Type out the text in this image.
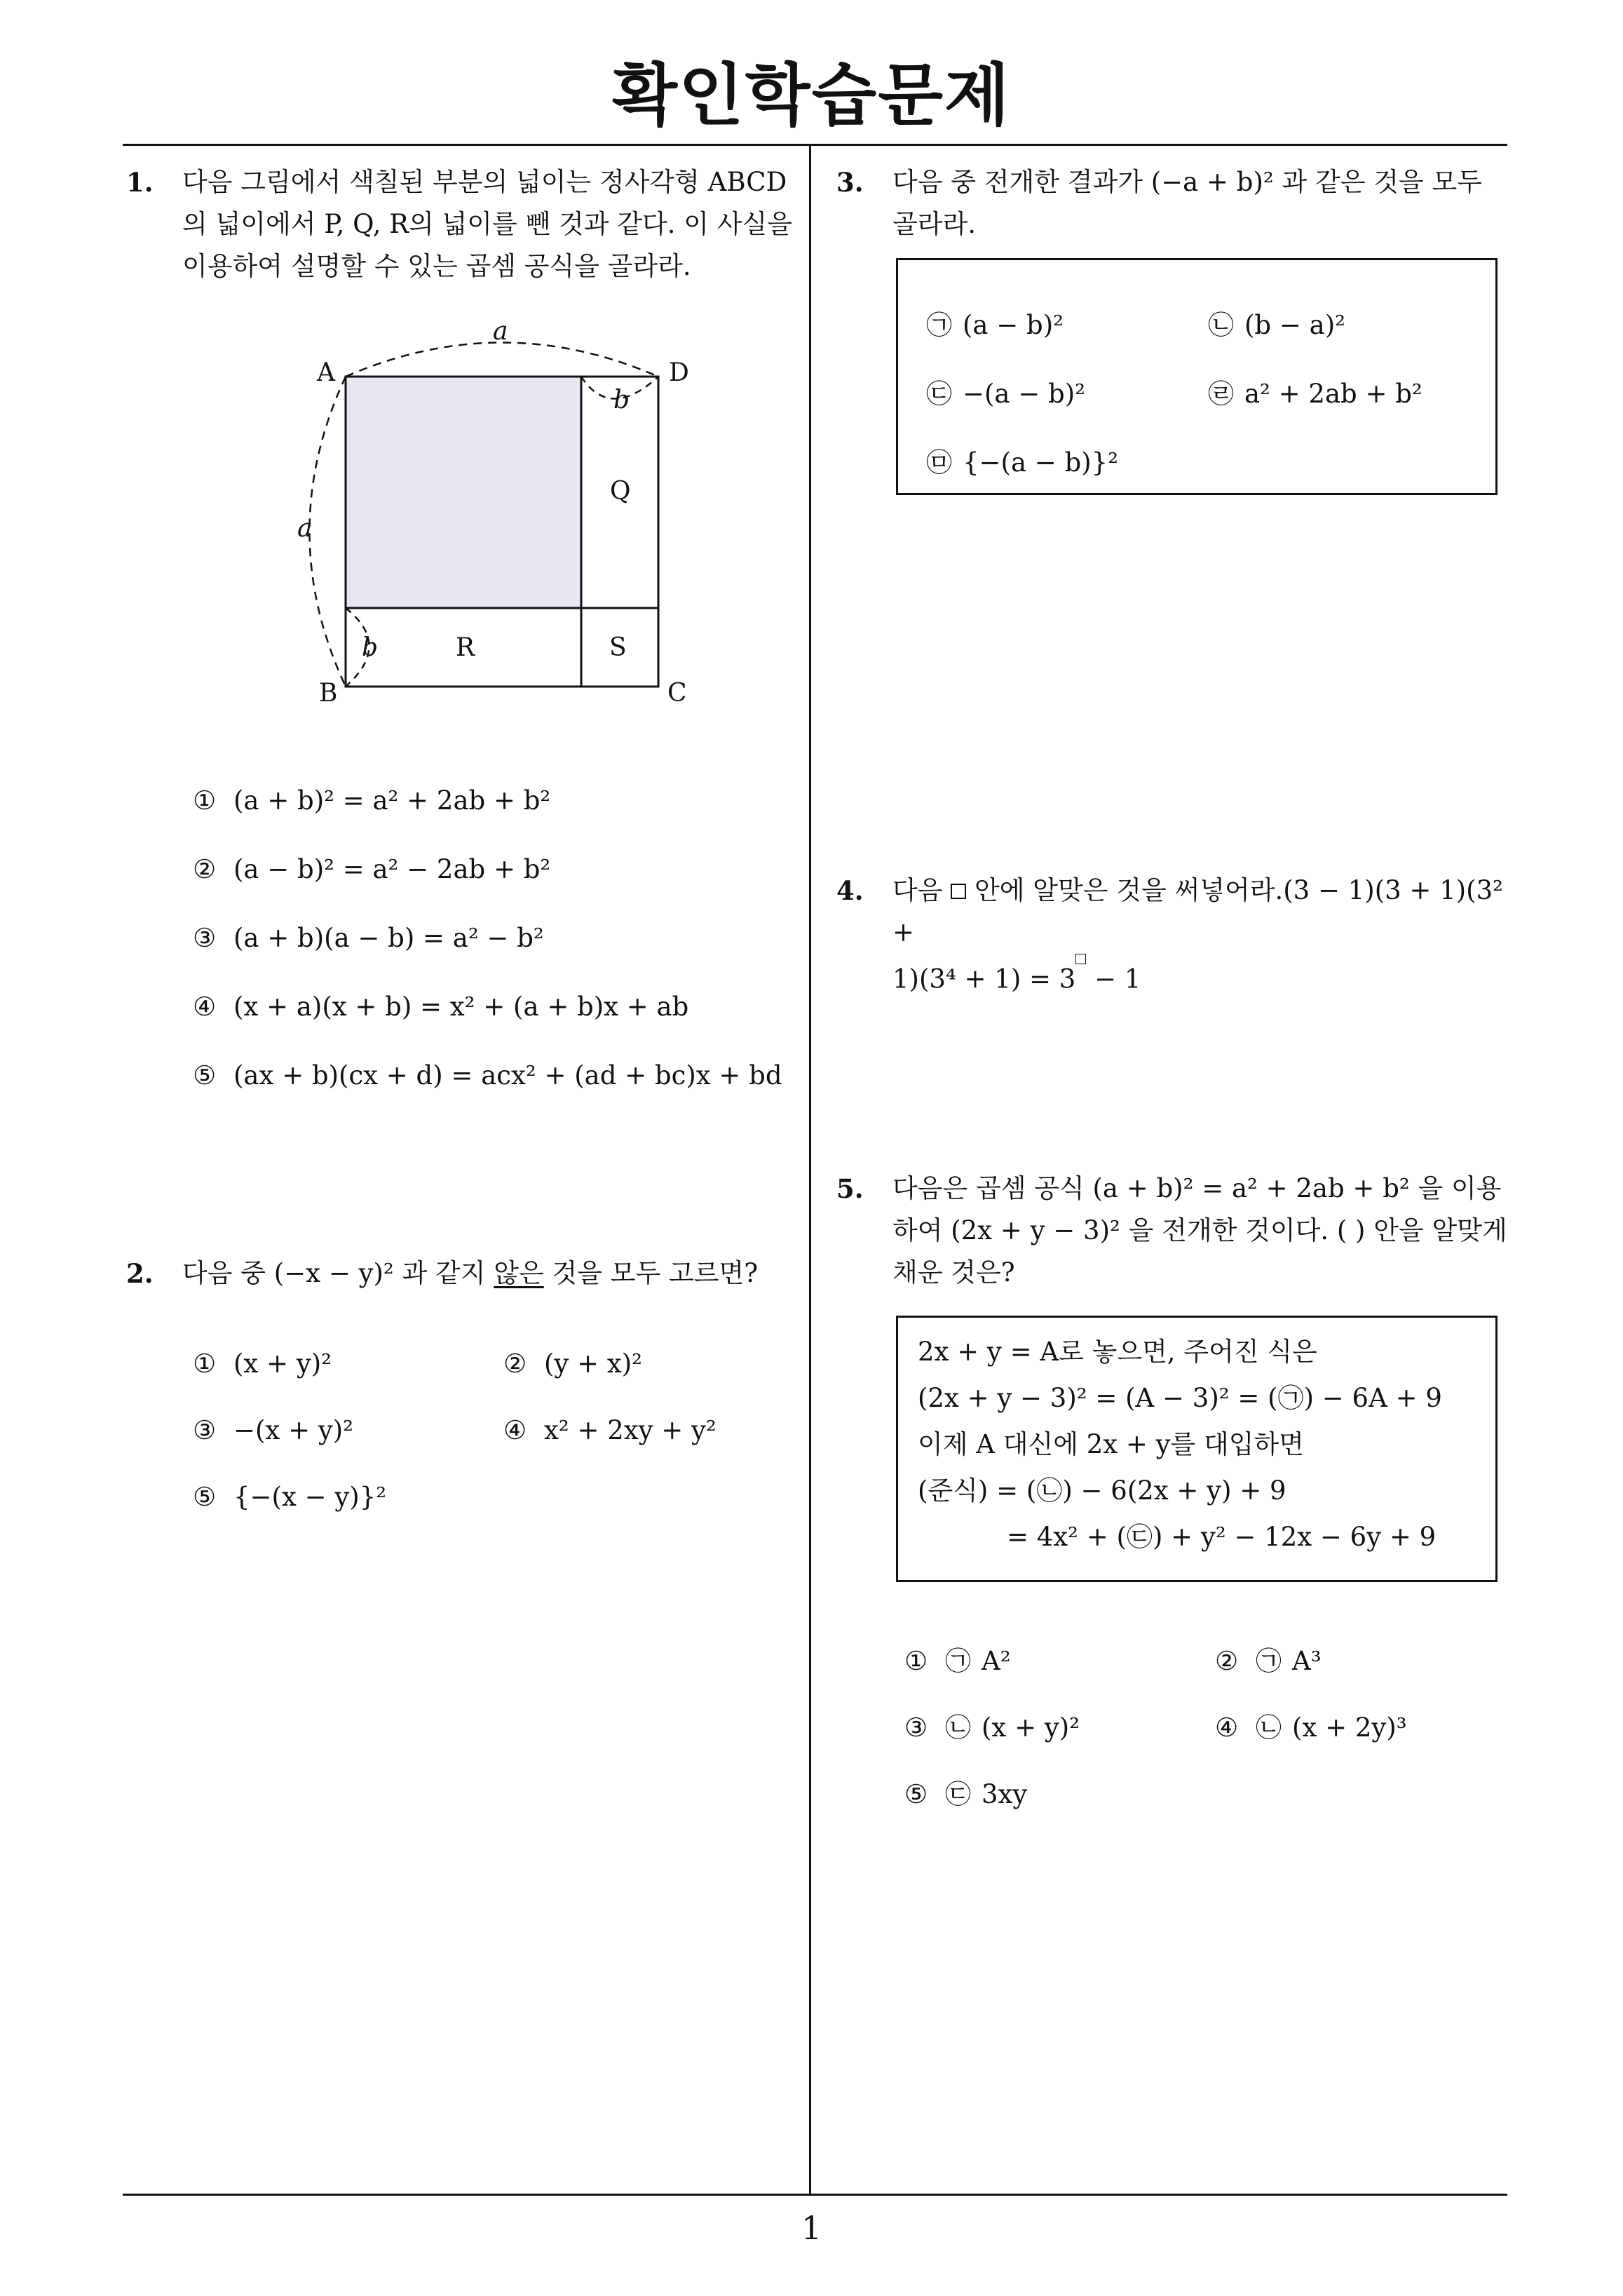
확인학습문제
1
1. 다음 그림에서 색칠된 부분의 넓이는 정사각형 ABCD의 넓이에서 P, Q, R의 넓이를 뺀 것과 같다. 이 사실을 이용하여 설명할 수 있는 곱셈 공식을 골라라.
A	D
B	C
a
a
b
b
Q
R	S
① (a + b)² = a² + 2ab + b²
② (a − b)² = a² − 2ab + b²
③ (a + b)(a − b) = a² − b²
④ (x + a)(x + b) = x² + (a + b)x + ab
⑤ (ax + b)(cx + d) = acx² + (ad + bc)x + bd
2. 다음 중 (−x − y)² 과 같지 않은 것을 모두 고르면?
① (x + y)²	② (y + x)²
③ −(x + y)²	④ x² + 2xy + y²
⑤ {−(x − y)}²
3. 다음 중 전개한 결과가 (−a + b)² 과 같은 것을 모두 골라라.
㉠ (a − b)²	㉡ (b − a)²
㉢ −(a − b)²	㉣ a² + 2ab + b²
㉤ {−(a − b)}²
4. 다음  안에 알맞은 것을 써넣어라.(3 − 1)(3 + 1)(3² +
1)(3⁴ + 1) = 3 − 1
5. 다음은 곱셈 공식 (a + b)² = a² + 2ab + b² 을 이용하여 (2x + y − 3)² 을 전개한 것이다. ( ) 안을 알맞게 채운 것은?
2x + y = A로 놓으면, 주어진 식은
(2x + y − 3)² = (A − 3)² = (㉠) − 6A + 9
이제 A 대신에 2x + y를 대입하면
(준식) = (㉡) − 6(2x + y) + 9
= 4x² + (㉢) + y² − 12x − 6y + 9
① ㉠ A²	② ㉠ A³
③ ㉡ (x + y)²	④ ㉡ (x + 2y)³
⑤ ㉢ 3xy
